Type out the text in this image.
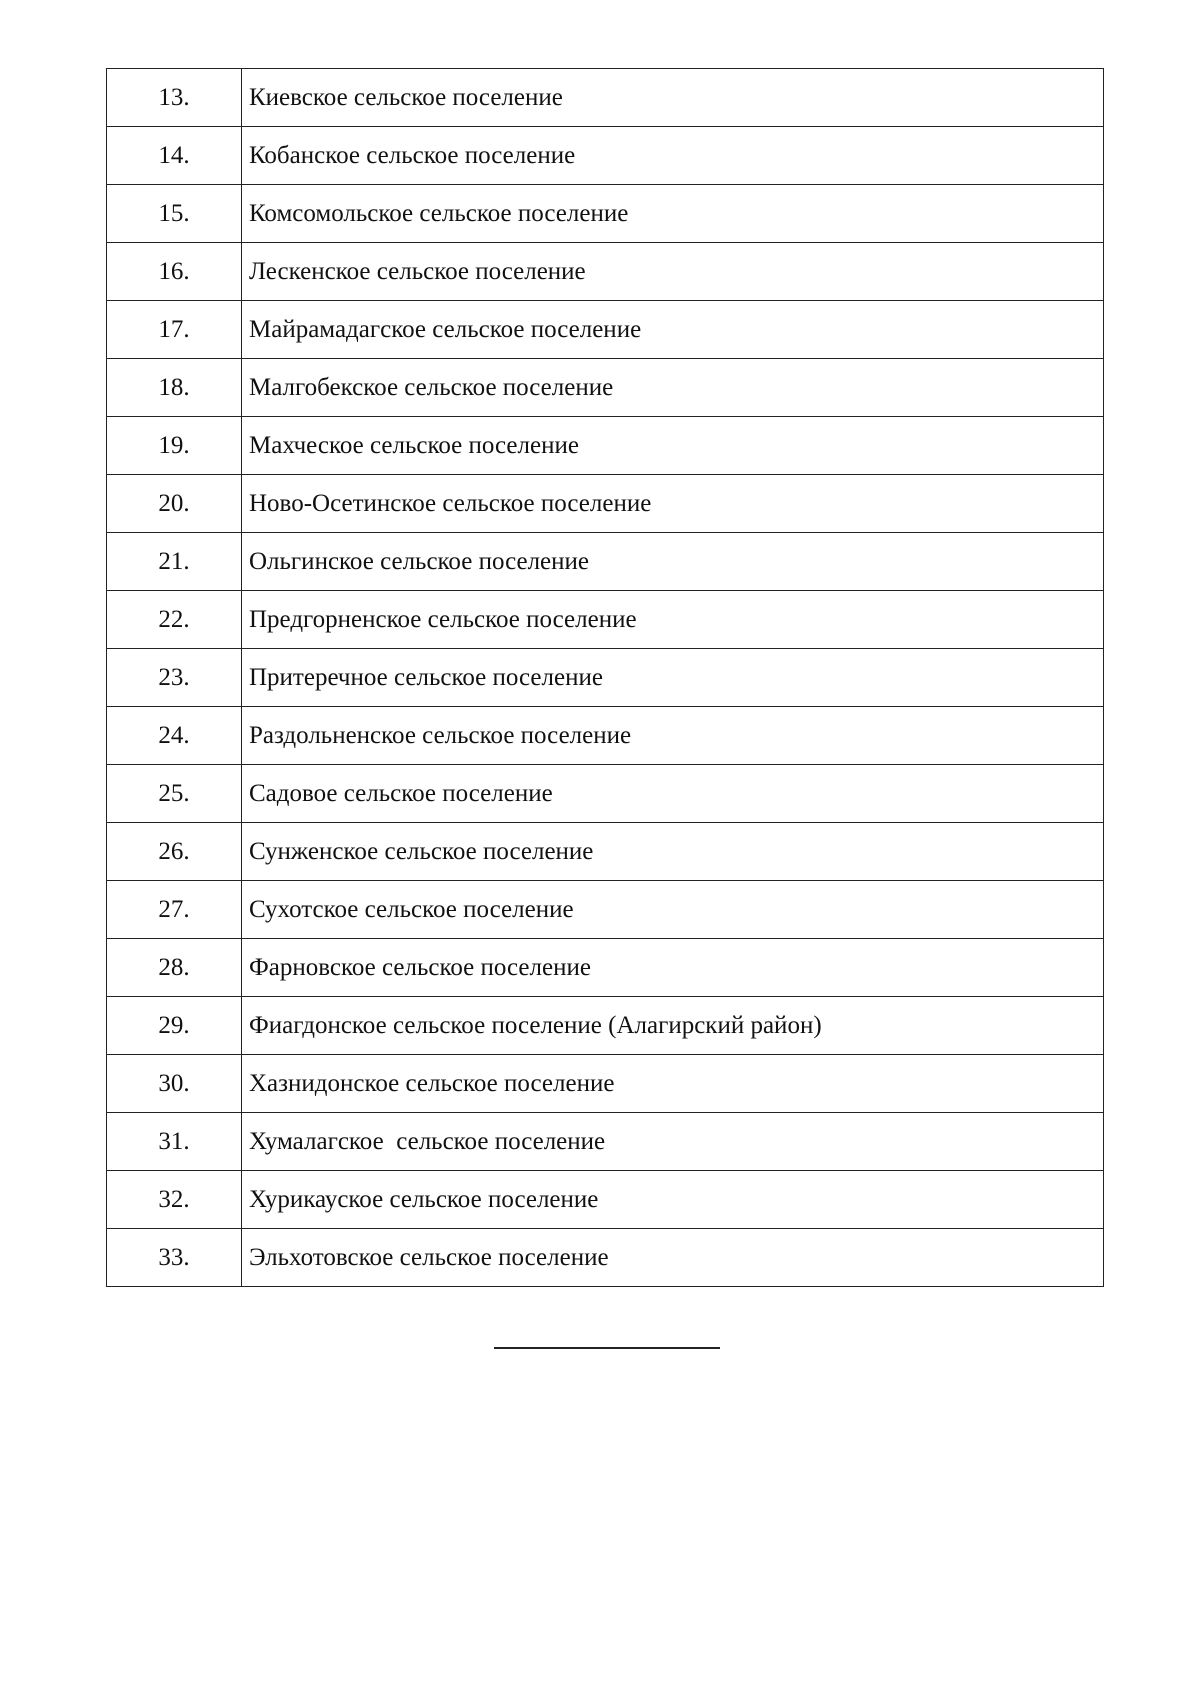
13.	Киевское сельское поселение
14.	Кобанское сельское поселение
15.	Комсомольское сельское поселение
16.	Лескенское сельское поселение
17.	Майрамадагское сельское поселение
18.	Малгобекское сельское поселение
19.	Махческое сельское поселение
20.	Ново-Осетинское сельское поселение
21.	Ольгинское сельское поселение
22.	Предгорненское сельское поселение
23.	Притеречное сельское поселение
24.	Раздольненское сельское поселение
25.	Садовое сельское поселение
26.	Сунженское сельское поселение
27.	Сухотское сельское поселение
28.	Фарновское сельское поселение
29.	Фиагдонское сельское поселение (Алагирский район)
30.	Хазнидонское сельское поселение
31.	Хумалагское  сельское поселение
32.	Хурикауское сельское поселение
33.	Эльхотовское сельское поселение
